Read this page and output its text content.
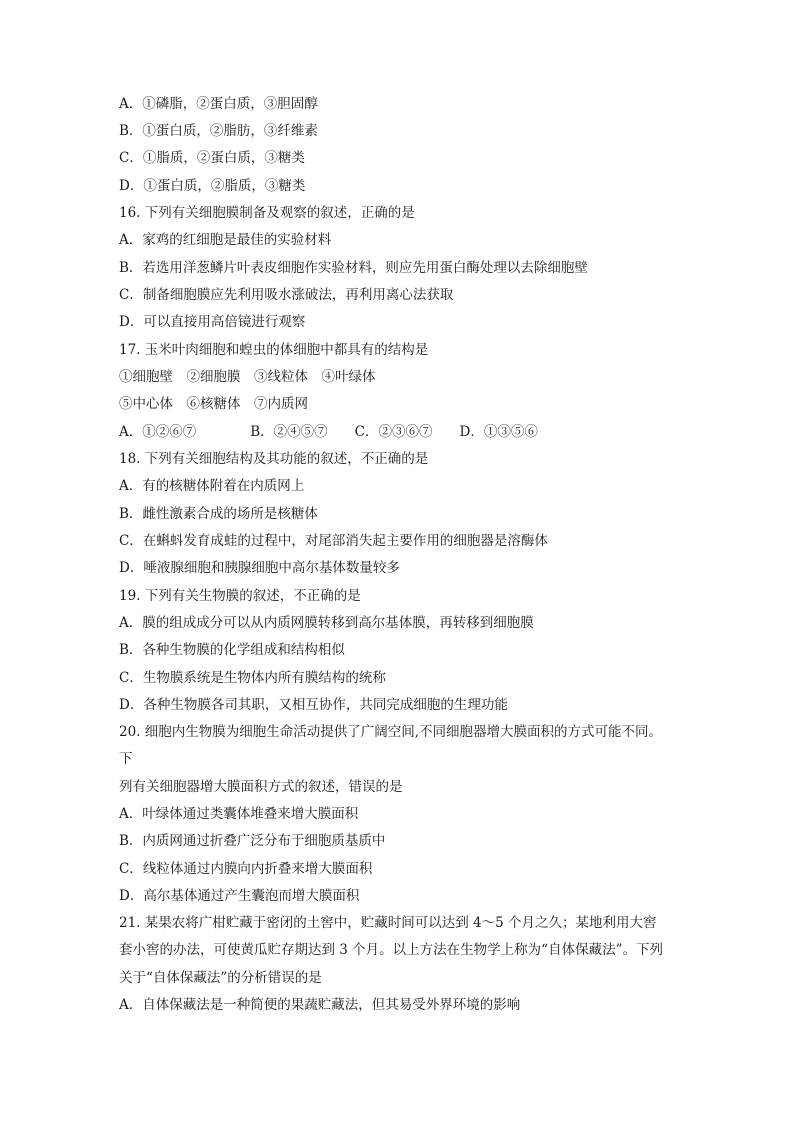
A．①磷脂，②蛋白质，③胆固醇
B．①蛋白质，②脂肪，③纤维素
C．①脂质，②蛋白质，③糖类
D．①蛋白质，②脂质，③糖类
16. 下列有关细胞膜制备及观察的叙述，正确的是
A．家鸡的红细胞是最佳的实验材料
B．若选用洋葱鳞片叶表皮细胞作实验材料，则应先用蛋白酶处理以去除细胞壁
C．制备细胞膜应先利用吸水涨破法，再利用离心法获取
D．可以直接用高倍镜进行观察
17. 玉米叶肉细胞和蝗虫的体细胞中都具有的结构是
①细胞壁　②细胞膜　③线粒体　④叶绿体
⑤中心体　⑥核糖体　⑦内质网
A．①②⑥⑦　　　　B．②④⑤⑦　　C．②③⑥⑦　　D．①③⑤⑥
18. 下列有关细胞结构及其功能的叙述，不正确的是
A．有的核糖体附着在内质网上
B．雌性激素合成的场所是核糖体
C．在蝌蚪发育成蛙的过程中，对尾部消失起主要作用的细胞器是溶酶体
D．唾液腺细胞和胰腺细胞中高尔基体数量较多
19. 下列有关生物膜的叙述，不正确的是
A．膜的组成成分可以从内质网膜转移到高尔基体膜，再转移到细胞膜
B．各种生物膜的化学组成和结构相似
C．生物膜系统是生物体内所有膜结构的统称
D．各种生物膜各司其职，又相互协作，共同完成细胞的生理功能
20. 细胞内生物膜为细胞生命活动提供了广阔空间,不同细胞器增大膜面积的方式可能不同。
下
列有关细胞器增大膜面积方式的叙述，错误的是
A．叶绿体通过类囊体堆叠来增大膜面积
B．内质网通过折叠广泛分布于细胞质基质中
C．线粒体通过内膜向内折叠来增大膜面积
D．高尔基体通过产生囊泡而增大膜面积
21. 某果农将广柑贮藏于密闭的土窖中，贮藏时间可以达到 4～5 个月之久；某地利用大窖
套小窖的办法，可使黄瓜贮存期达到 3 个月。以上方法在生物学上称为“自体保藏法”。下列
关于“自体保藏法”的分析错误的是
A．自体保藏法是一种简便的果蔬贮藏法，但其易受外界环境的影响
